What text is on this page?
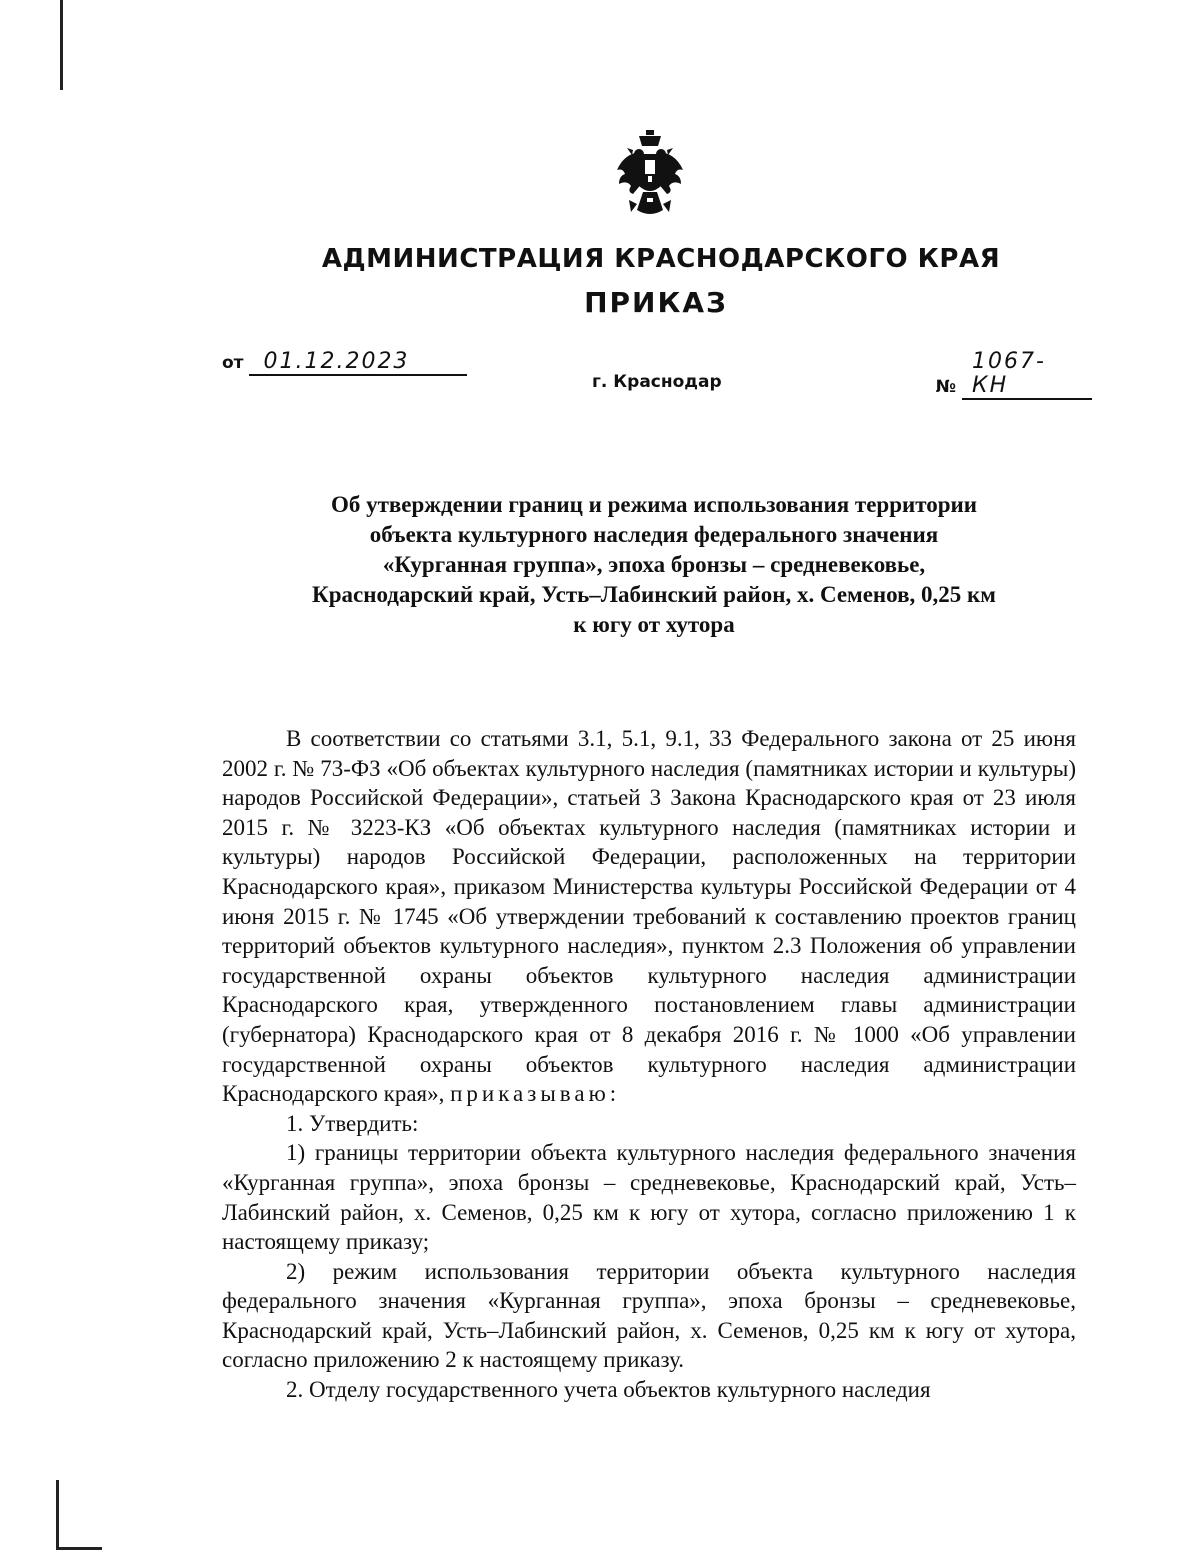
АДМИНИСТРАЦИЯ КРАСНОДАРСКОГО КРАЯ
ПРИКАЗ
от 01.12.2023
г. Краснодар	№ 1067-КН
Об утверждении границ и режима использования территории
объекта культурного наследия федерального значения
«Курганная группа», эпоха бронзы – средневековье,
Краснодарский край, Усть–Лабинский район, х. Семенов, 0,25 км
к югу от хутора

В соответствии со статьями 3.1, 5.1, 9.1, 33 Федерального закона от 25 июня 2002 г. № 73-ФЗ «Об объектах культурного наследия (памятниках истории и культуры) народов Российской Федерации», статьей 3 Закона Краснодарского края от 23 июля 2015 г. № 3223-КЗ «Об объектах культурного наследия (памятниках истории и культуры) народов Российской Федерации, расположенных на территории Краснодарского края», приказом Министерства культуры Российской Федерации от 4 июня 2015 г. № 1745 «Об утверждении требований к составлению проектов границ территорий объектов культурного наследия», пунктом 2.3 Положения об управлении государственной охраны объектов культурного наследия администрации Краснодарского края, утвержденного постановлением главы администрации (губернатора) Краснодарского края от 8 декабря 2016 г. № 1000 «Об управлении государственной охраны объектов культурного наследия администрации Краснодарского края», приказываю:

1. Утвердить:

1) границы территории объекта культурного наследия федерального значения «Курганная группа», эпоха бронзы – средневековье, Краснодарский край, Усть–Лабинский район, х. Семенов, 0,25 км к югу от хутора, согласно приложению 1 к настоящему приказу;

2) режим использования территории объекта культурного наследия федерального значения «Курганная группа», эпоха бронзы – средневековье, Краснодарский край, Усть–Лабинский район, х. Семенов, 0,25 км к югу от хутора, согласно приложению 2 к настоящему приказу.

2. Отделу государственного учета объектов культурного наследия
